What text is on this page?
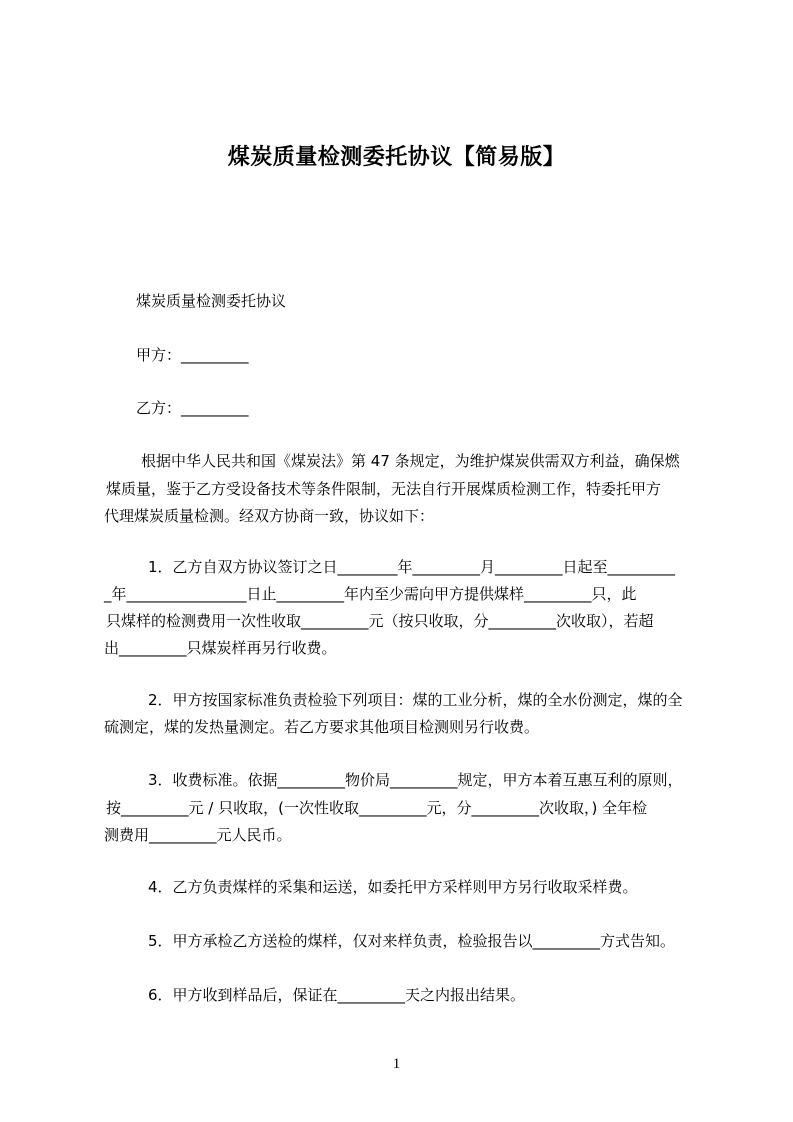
煤炭质量检测委托协议【简易版】
煤炭质量检测委托协议
甲方：_________
乙方：_________
根据中华人民共和国《煤炭法》第 47 条规定，为维护煤炭供需双方利益，确保燃
煤质量，鉴于乙方受设备技术等条件限制，无法自行开展煤质检测工作，特委托甲方
代理煤炭质量检测。经双方协商一致，协议如下：
1．乙方自双方协议签订之日________年_________月_________日起至_________
_年________________日止_________年内至少需向甲方提供煤样_________只，此
只煤样的检测费用一次性收取_________元（按只收取，分_________次收取），若超
出_________只煤炭样再另行收费。
2．甲方按国家标准负责检验下列项目：煤的工业分析，煤的全水份测定，煤的全
硫测定，煤的发热量测定。若乙方要求其他项目检测则另行收费。
3．收费标准。依据_________物价局_________规定，甲方本着互惠互利的原则，
按_________元 / 只收取，(一次性收取_________元，分_________次收取，) 全年检
测费用_________元人民币。
4．乙方负责煤样的采集和运送，如委托甲方采样则甲方另行收取采样费。
5．甲方承检乙方送检的煤样，仅对来样负责，检验报告以_________方式告知。
6．甲方收到样品后，保证在_________天之内报出结果。
1
